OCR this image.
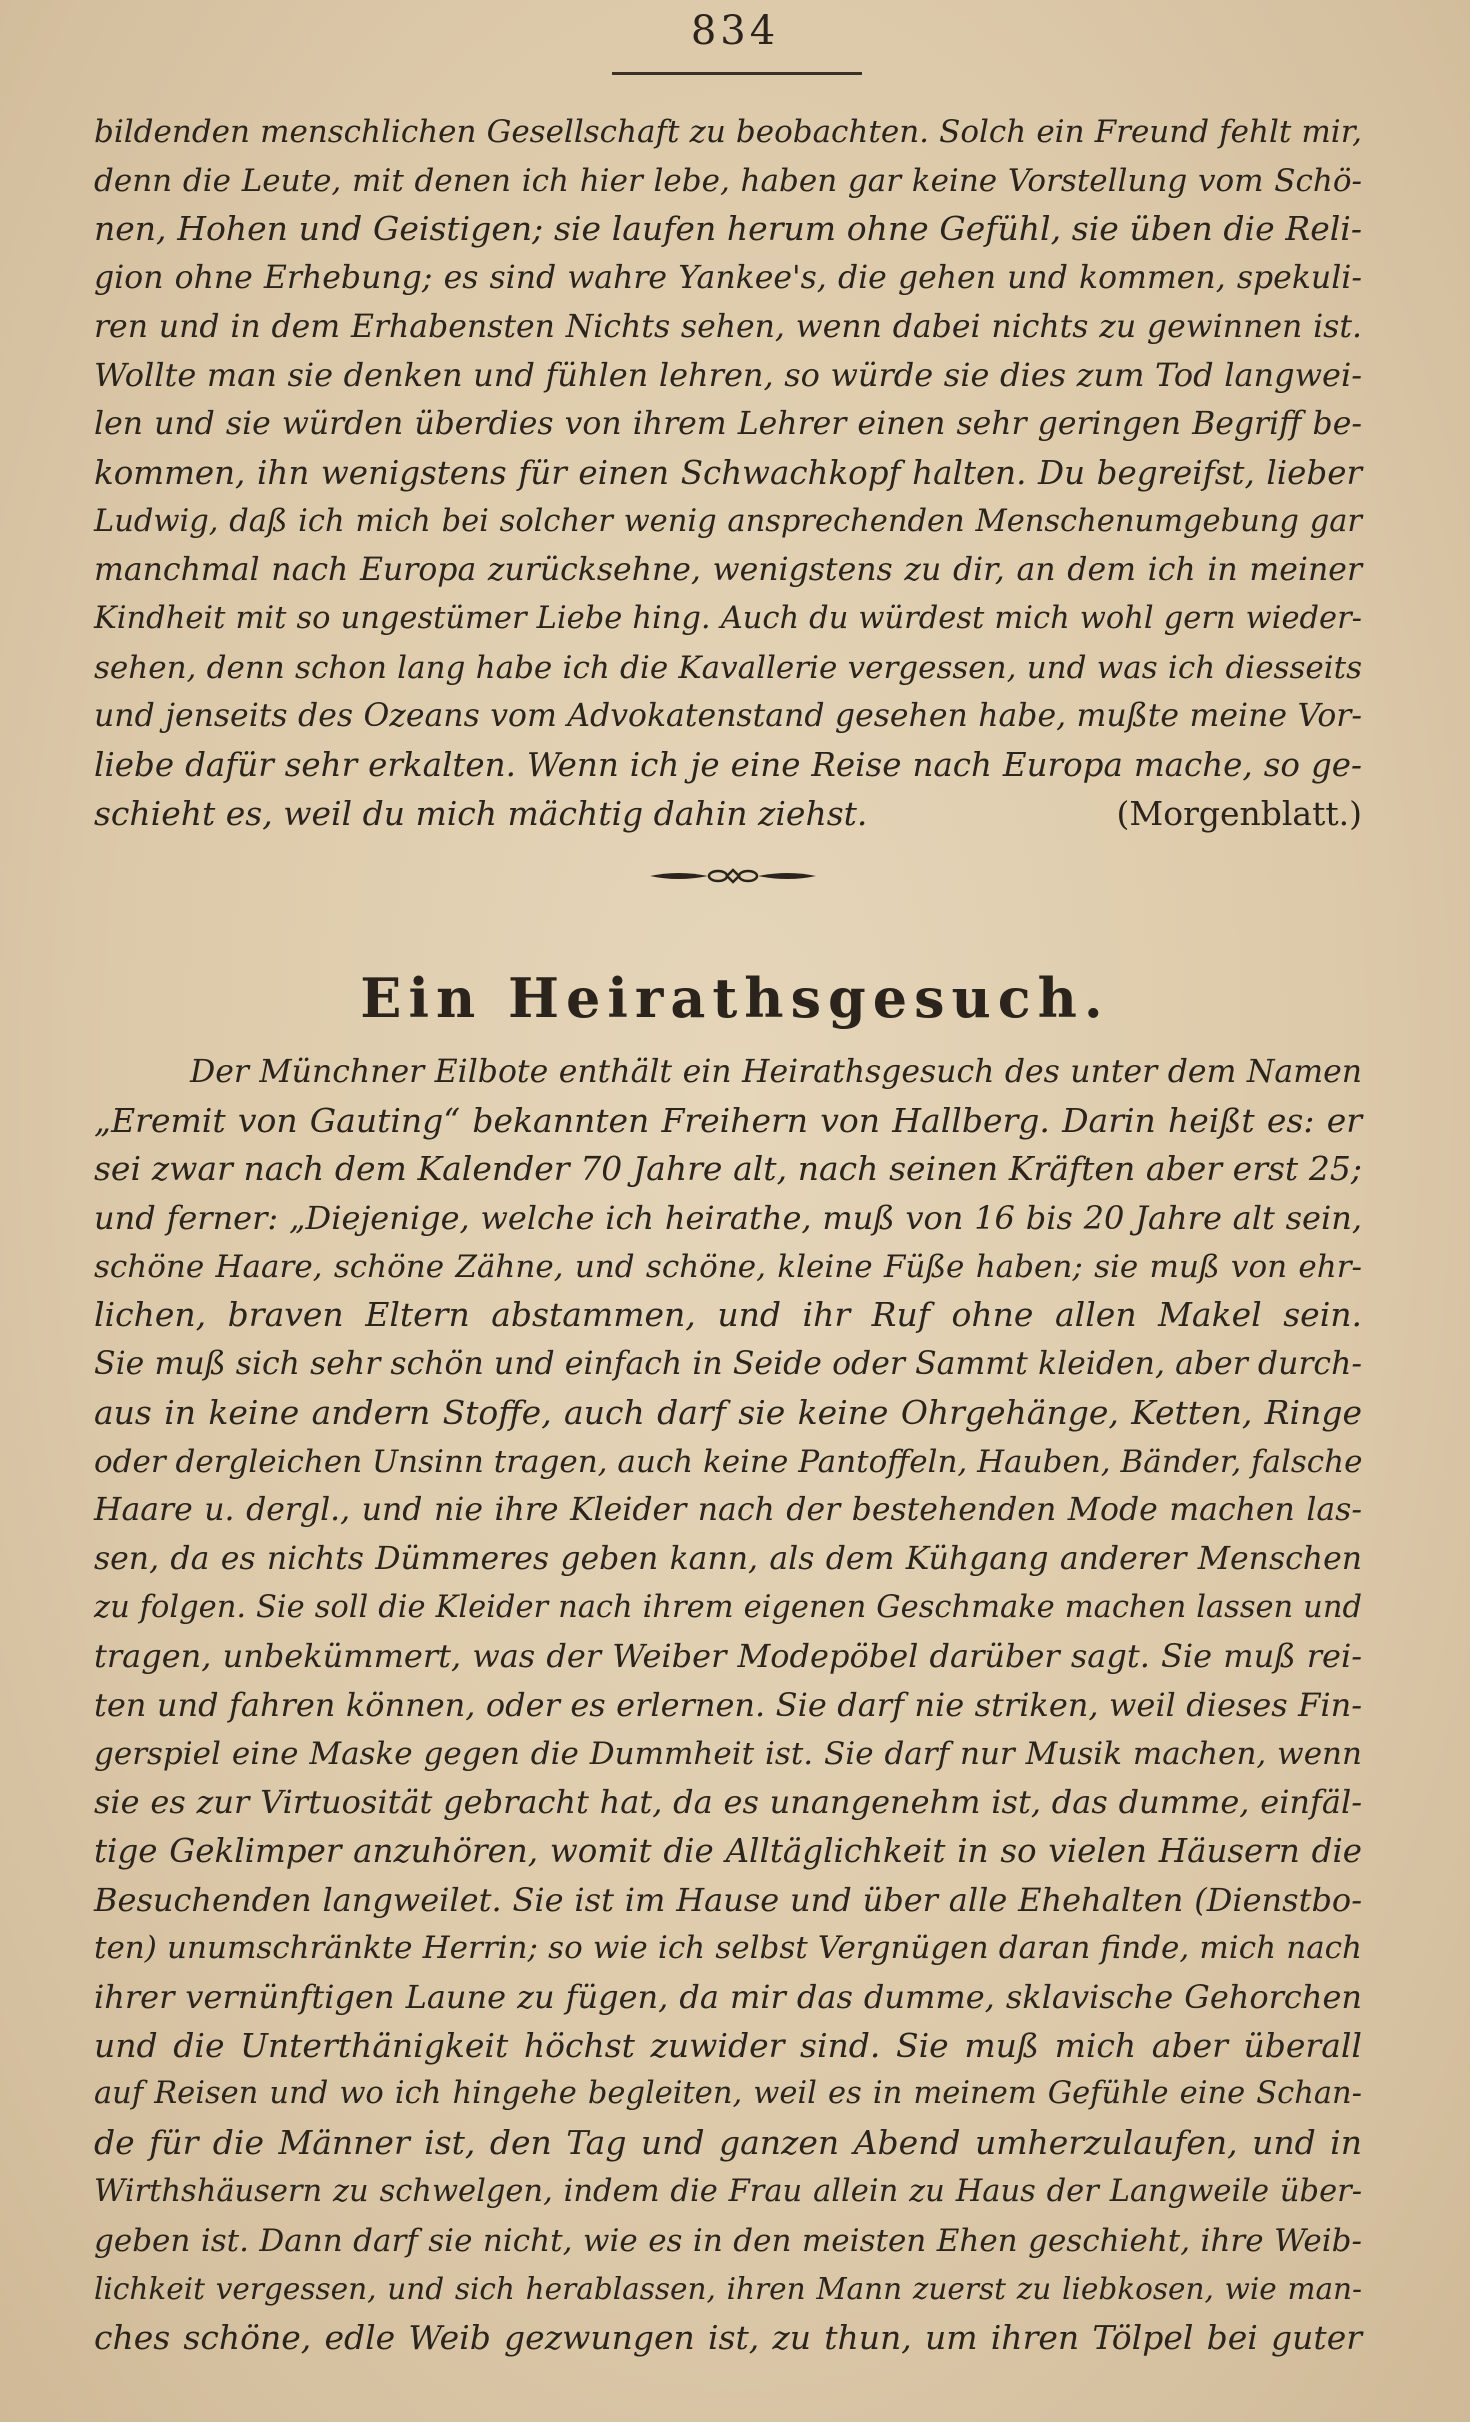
834
bildenden menschlichen Gesellschaft zu beobachten. Solch ein Freund fehlt mir,
denn die Leute, mit denen ich hier lebe, haben gar keine Vorstellung vom Schö-
nen, Hohen und Geistigen; sie laufen herum ohne Gefühl, sie üben die Reli-
gion ohne Erhebung; es sind wahre Yankee's, die gehen und kommen, spekuli-
ren und in dem Erhabensten Nichts sehen, wenn dabei nichts zu gewinnen ist.
Wollte man sie denken und fühlen lehren, so würde sie dies zum Tod langwei-
len und sie würden überdies von ihrem Lehrer einen sehr geringen Begriff be-
kommen, ihn wenigstens für einen Schwachkopf halten. Du begreifst, lieber
Ludwig, daß ich mich bei solcher wenig ansprechenden Menschenumgebung gar
manchmal nach Europa zurücksehne, wenigstens zu dir, an dem ich in meiner
Kindheit mit so ungestümer Liebe hing. Auch du würdest mich wohl gern wieder-
sehen, denn schon lang habe ich die Kavallerie vergessen, und was ich diesseits
und jenseits des Ozeans vom Advokatenstand gesehen habe, mußte meine Vor-
liebe dafür sehr erkalten. Wenn ich je eine Reise nach Europa mache, so ge-
schieht es, weil du mich mächtig dahin ziehst.	(Morgenblatt.)
Ein Heirathsgesuch.
Der Münchner Eilbote enthält ein Heirathsgesuch des unter dem Namen
„Eremit von Gauting“ bekannten Freihern von Hallberg. Darin heißt es: er
sei zwar nach dem Kalender 70 Jahre alt, nach seinen Kräften aber erst 25;
und ferner: „Diejenige, welche ich heirathe, muß von 16 bis 20 Jahre alt sein,
schöne Haare, schöne Zähne, und schöne, kleine Füße haben; sie muß von ehr-
lichen, braven Eltern abstammen, und ihr Ruf ohne allen Makel sein.
Sie muß sich sehr schön und einfach in Seide oder Sammt kleiden, aber durch-
aus in keine andern Stoffe, auch darf sie keine Ohrgehänge, Ketten, Ringe
oder dergleichen Unsinn tragen, auch keine Pantoffeln, Hauben, Bänder, falsche
Haare u. dergl., und nie ihre Kleider nach der bestehenden Mode machen las-
sen, da es nichts Dümmeres geben kann, als dem Kühgang anderer Menschen
zu folgen. Sie soll die Kleider nach ihrem eigenen Geschmake machen lassen und
tragen, unbekümmert, was der Weiber Modepöbel darüber sagt. Sie muß rei-
ten und fahren können, oder es erlernen. Sie darf nie striken, weil dieses Fin-
gerspiel eine Maske gegen die Dummheit ist. Sie darf nur Musik machen, wenn
sie es zur Virtuosität gebracht hat, da es unangenehm ist, das dumme, einfäl-
tige Geklimper anzuhören, womit die Alltäglichkeit in so vielen Häusern die
Besuchenden langweilet. Sie ist im Hause und über alle Ehehalten (Dienstbo-
ten) unumschränkte Herrin; so wie ich selbst Vergnügen daran finde, mich nach
ihrer vernünftigen Laune zu fügen, da mir das dumme, sklavische Gehorchen
und die Unterthänigkeit höchst zuwider sind. Sie muß mich aber überall
auf Reisen und wo ich hingehe begleiten, weil es in meinem Gefühle eine Schan-
de für die Männer ist, den Tag und ganzen Abend umherzulaufen, und in
Wirthshäusern zu schwelgen, indem die Frau allein zu Haus der Langweile über-
geben ist. Dann darf sie nicht, wie es in den meisten Ehen geschieht, ihre Weib-
lichkeit vergessen, und sich herablassen, ihren Mann zuerst zu liebkosen, wie man-
ches schöne, edle Weib gezwungen ist, zu thun, um ihren Tölpel bei guter
